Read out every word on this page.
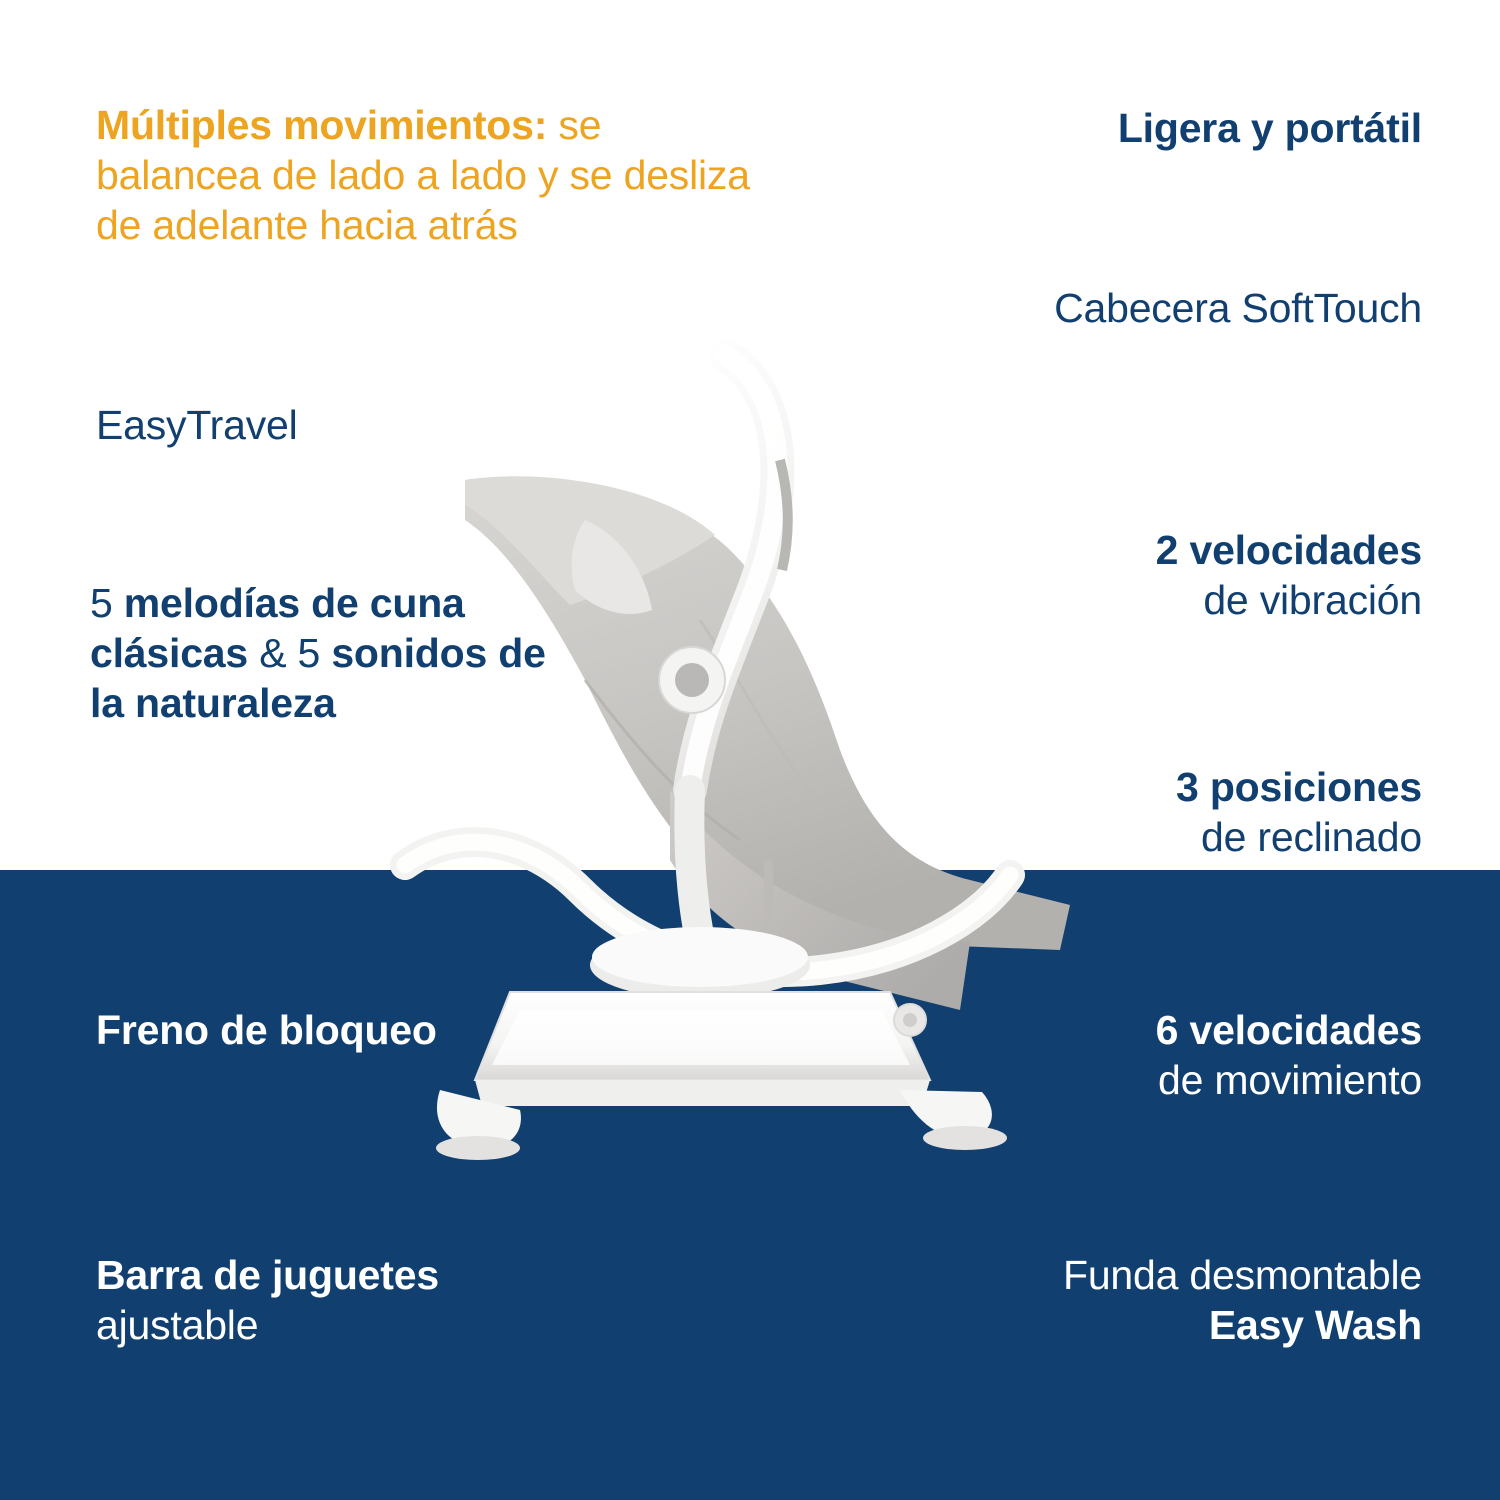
Múltiples movimientos: se balancea de lado a lado y se desliza de adelante hacia atrás
EasyTravel
5 melodías de cuna clásicas & 5 sonidos de la naturaleza
Ligera y portátil
Cabecera SoftTouch
2 velocidades
de vibración
3 posiciones
de reclinado
Freno de bloqueo
Barra de juguetes
ajustable
6 velocidades
de movimiento
Funda desmontable
Easy Wash
